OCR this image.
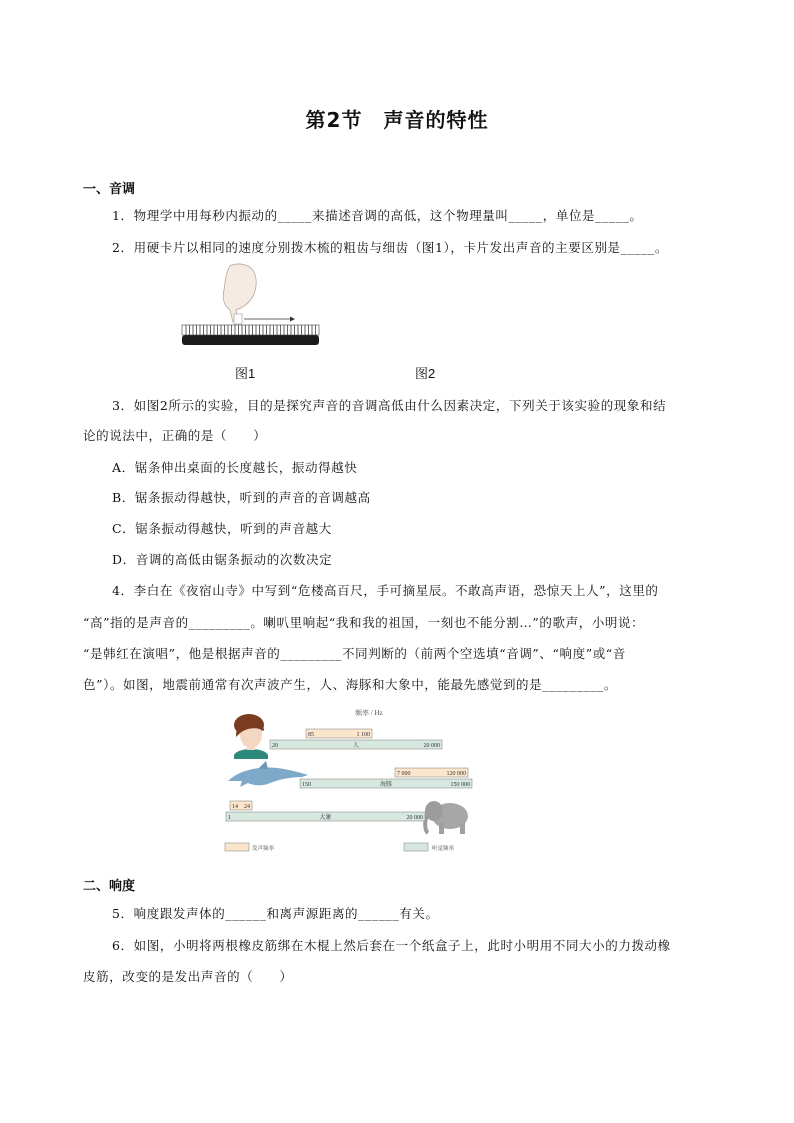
第2节　声音的特性
一、音调
1．物理学中用每秒内振动的_____来描述音调的高低，这个物理量叫_____，单位是_____。
2．用硬卡片以相同的速度分别拨木梳的粗齿与细齿（图1），卡片发出声音的主要区别是_____。
图1	图2
3．如图2所示的实验，目的是探究声音的音调高低由什么因素决定，下列关于该实验的现象和结
论的说法中，正确的是（　　）
A．锯条伸出桌面的长度越长，振动得越快
B．锯条振动得越快，听到的声音的音调越高
C．锯条振动得越快，听到的声音越大
D．音调的高低由锯条振动的次数决定
4．李白在《夜宿山寺》中写到“危楼高百尺，手可摘星辰。不敢高声语，恐惊天上人”，这里的
“高”指的是声音的_________。喇叭里响起“我和我的祖国，一刻也不能分割…”的歌声，小明说：
“是韩红在演唱”，他是根据声音的_________不同判断的（前两个空选填“音调”、“响度”或“音
色”）。如图，地震前通常有次声波产生，人、海豚和大象中，能最先感觉到的是_________。
频率 / Hz
85	1 100
20	20 000
人
7 000	120 000
150	150 000
海豚
14 24
1	20 000
大象
发声频率	听觉频率
二、响度
5．响度跟发声体的______和离声源距离的______有关。
6．如图，小明将两根橡皮筋绑在木棍上然后套在一个纸盒子上，此时小明用不同大小的力拨动橡
皮筋，改变的是发出声音的（　　）
